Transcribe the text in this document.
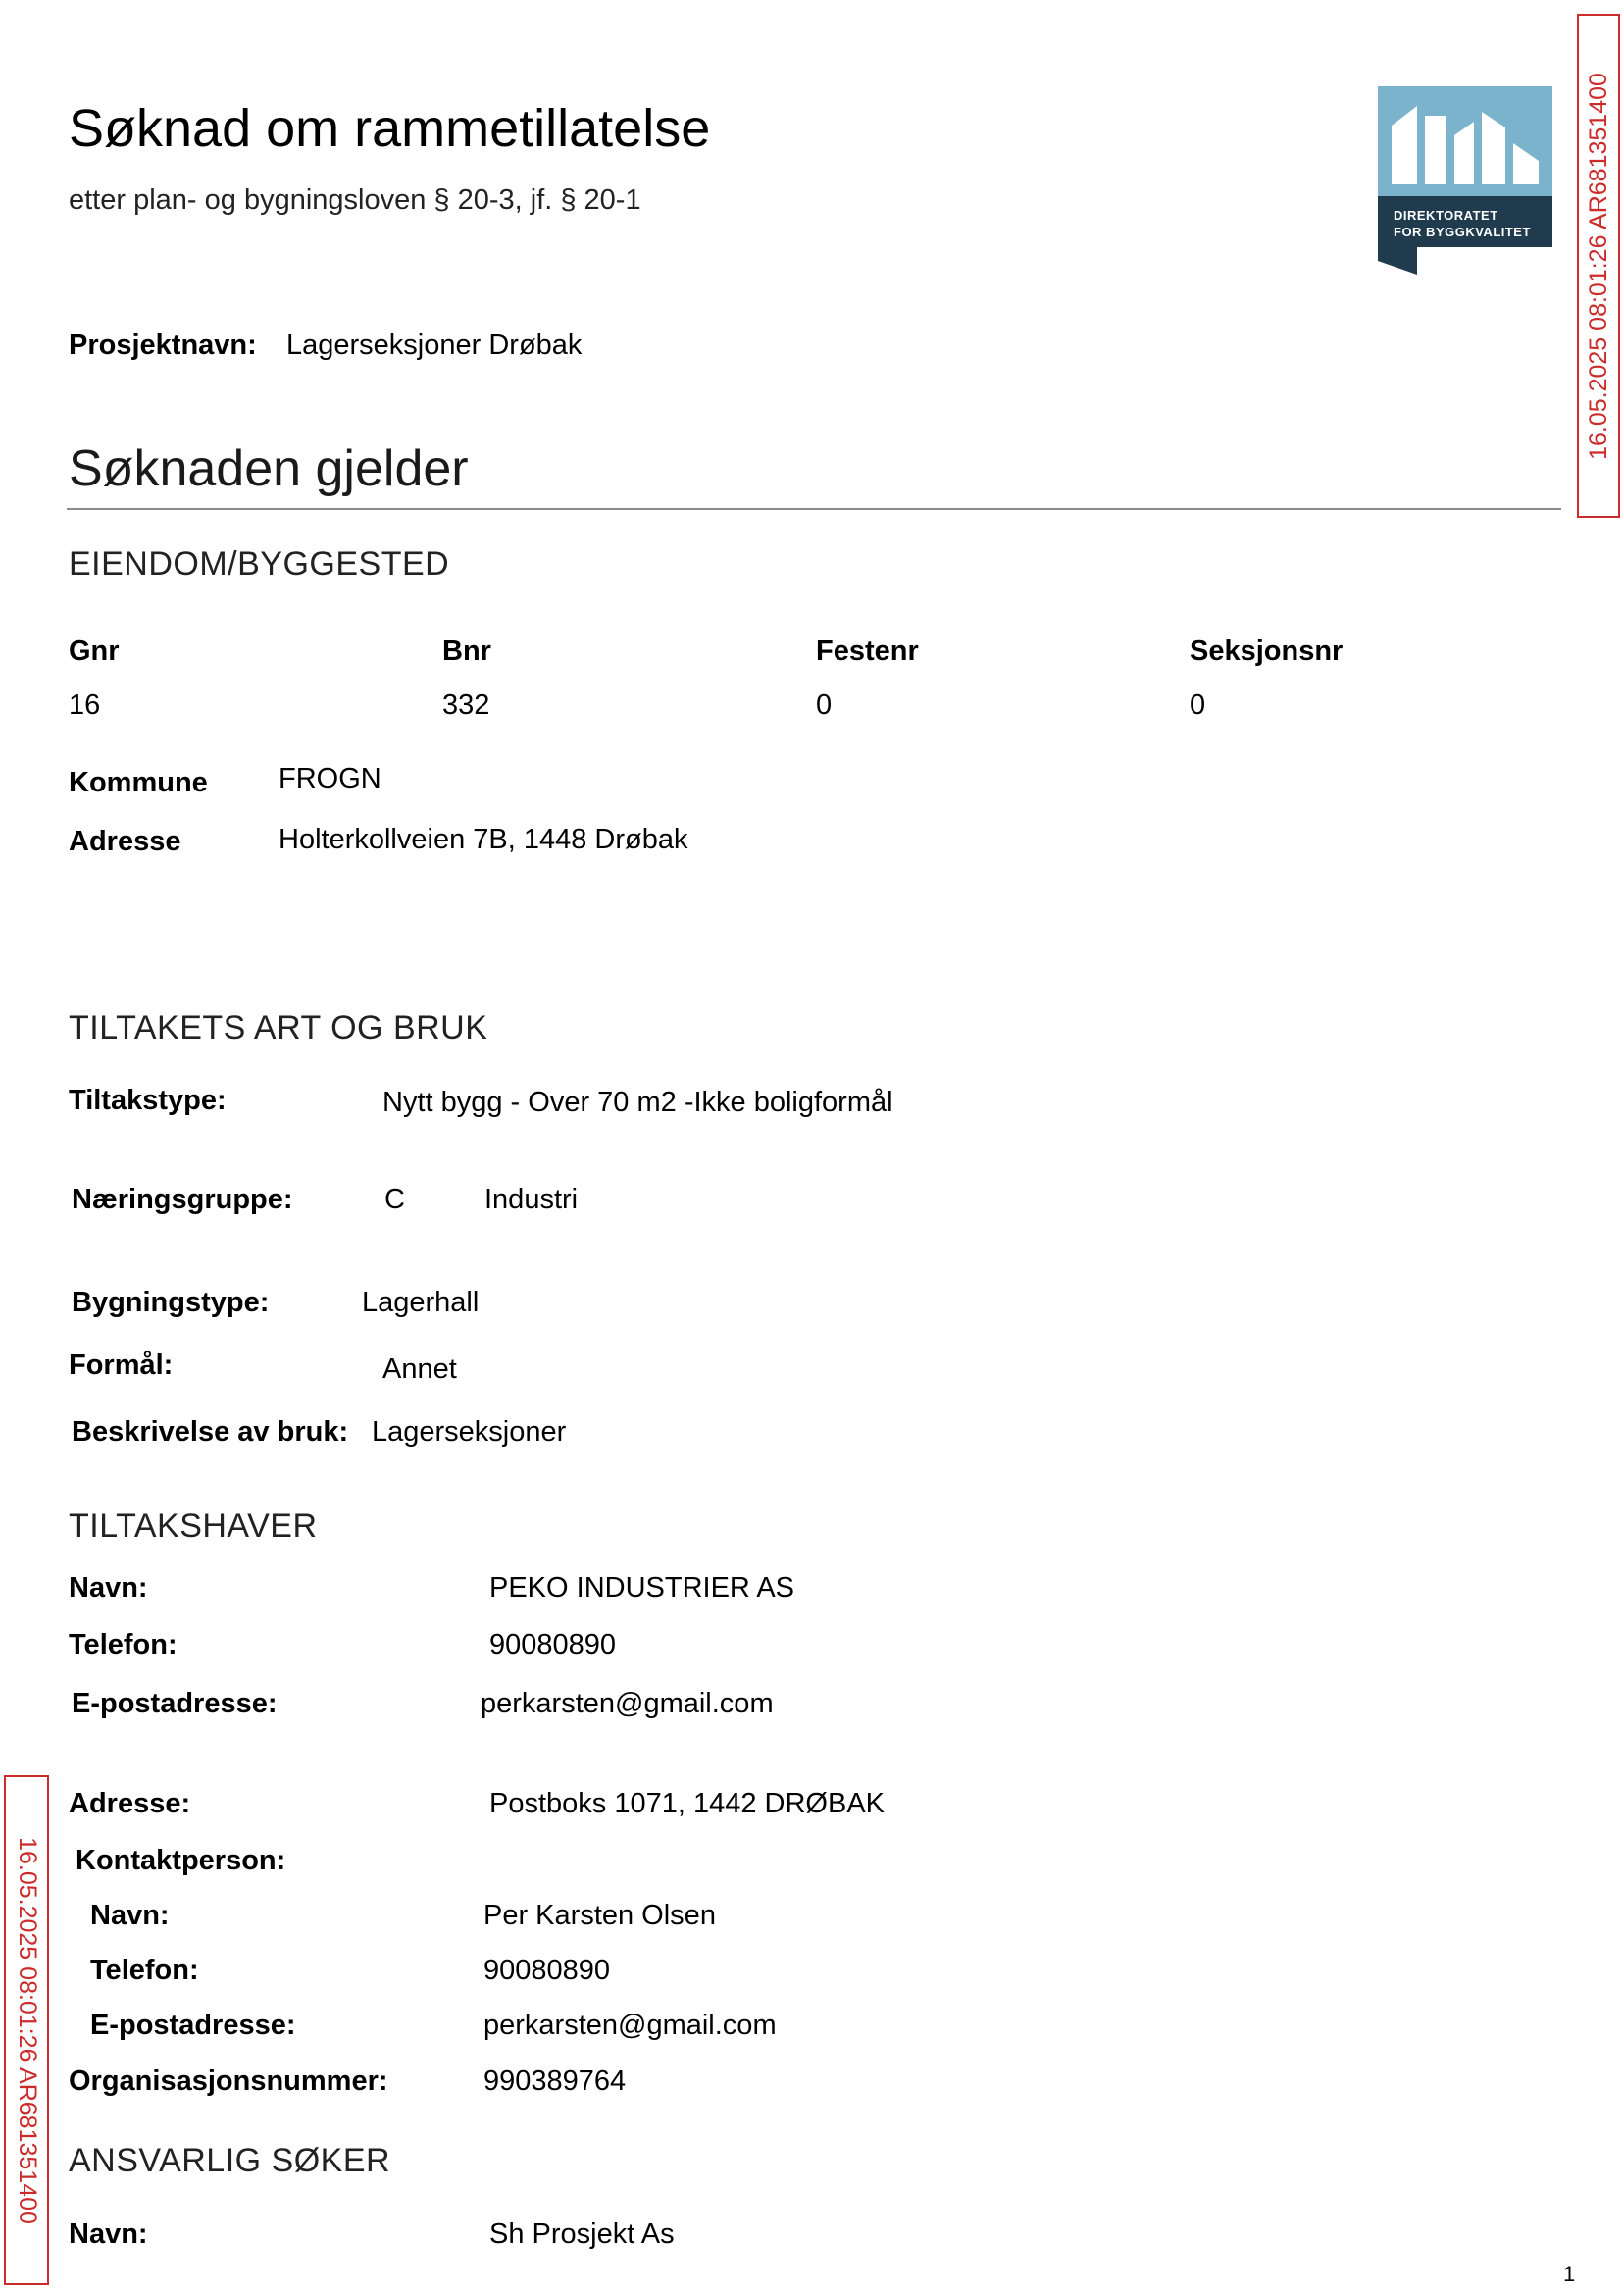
Søknad om rammetillatelse
etter plan- og bygningsloven § 20-3, jf. § 20-1	DIREKTORATET
FOR BYGGKVALITET 16.05.2025 08:01:26 AR681351400
16.05.2025 08:01:26 AR681351400
Prosjektnavn: Lagerseksjoner Drøbak
Søknaden gjelder
EIENDOM/BYGGESTED
Gnr	Bnr	Festenr	Seksjonsnr
16	332	0	0
Kommune FROGN
Adresse	Holterkollveien 7B, 1448 Drøbak
TILTAKETS ART OG BRUK
Tiltakstype:	Nytt bygg - Over 70 m2 -Ikke boligformål
Næringsgruppe:	C	Industri
Bygningstype:	Lagerhall
Formål:	Annet
Beskrivelse av bruk: Lagerseksjoner
TILTAKSHAVER
Navn:	PEKO INDUSTRIER AS
Telefon:	90080890
E-postadresse:	perkarsten@gmail.com
Adresse:	Postboks 1071, 1442 DRØBAK
Kontaktperson:
Navn:	Per Karsten Olsen
Telefon:	90080890
E-postadresse:	perkarsten@gmail.com
Organisasjonsnummer:	990389764
ANSVARLIG SØKER
Navn:	Sh Prosjekt As
1
